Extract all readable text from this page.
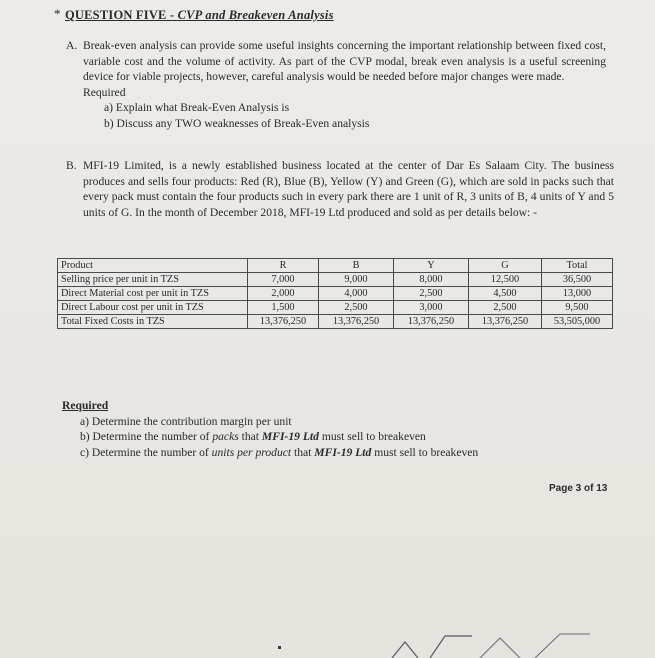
* QUESTION FIVE - CVP and Breakeven Analysis
A. Break-even analysis can provide some useful insights concerning the important relationship between fixed cost, variable cost and the volume of activity. As part of the CVP modal, break even analysis is a useful screening device for viable projects, however, careful analysis would be needed before major changes were made.
Required
a) Explain what Break-Even Analysis is
b) Discuss any TWO weaknesses of Break-Even analysis
B. MFI-19 Limited, is a newly established business located at the center of Dar Es Salaam City. The business produces and sells four products: Red (R), Blue (B), Yellow (Y) and Green (G), which are sold in packs such that every pack must contain the four products such in every park there are 1 unit of R, 3 units of B, 4 units of Y and 5 units of G. In the month of December 2018, MFI-19 Ltd produced and sold as per details below: -
Product	R	B	Y	G	Total
Selling price per unit in TZS	7,000	9,000	8,000	12,500	36,500
Direct Material cost per unit in TZS	2,000	4,000	2,500	4,500	13,000
Direct Labour cost per unit in TZS	1,500	2,500	3,000	2,500	9,500
Total Fixed Costs in TZS	13,376,250	13,376,250	13,376,250	13,376,250	53,505,000
Required
a) Determine the contribution margin per unit
b) Determine the number of packs that MFI-19 Ltd must sell to breakeven
c) Determine the number of units per product that MFI-19 Ltd must sell to breakeven
Page 3 of 13
